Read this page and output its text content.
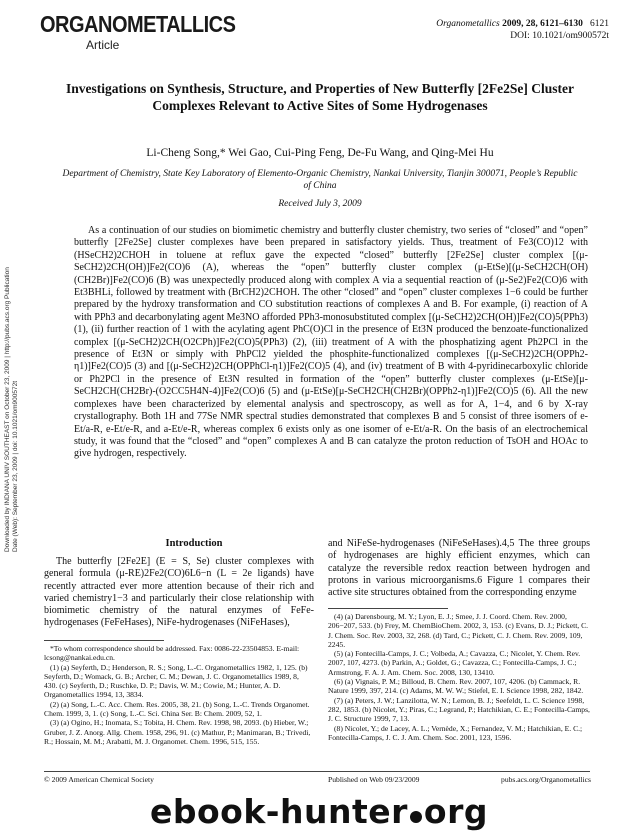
ORGANOMETALLICS
Article
Organometallics 2009, 28, 6121–6130 6121
DOI: 10.1021/om900572t
Investigations on Synthesis, Structure, and Properties of New Butterfly [2Fe2Se] Cluster Complexes Relevant to Active Sites of Some Hydrogenases
Li-Cheng Song,* Wei Gao, Cui-Ping Feng, De-Fu Wang, and Qing-Mei Hu
Department of Chemistry, State Key Laboratory of Elemento-Organic Chemistry, Nankai University, Tianjin 300071, People’s Republic of China
Received July 3, 2009

As a continuation of our studies on biomimetic chemistry and butterfly cluster chemistry, two series of “closed” and “open” butterfly [2Fe2Se] cluster complexes have been prepared in satisfactory yields. Thus, treatment of Fe3(CO)12 with (HSeCH2)2CHOH in toluene at reflux gave the expected “closed” butterfly [2Fe2Se] cluster complex [(μ-SeCH2)2CH(OH)]Fe2(CO)6 (A), whereas the “open” butterfly cluster complex (μ-EtSe)[(μ-SeCH2CH(OH)(CH2Br)]Fe2(CO)6 (B) was unexpectedly produced along with complex A via a sequential reaction of (μ-Se2)Fe2(CO)6 with Et3BHLi, followed by treatment with (BrCH2)2CHOH. The other “closed” and “open” cluster complexes 1−6 could be further prepared by the hydroxy transformation and CO substitution reactions of complexes A and B. For example, (i) reaction of A with PPh3 and decarbonylating agent Me3NO afforded PPh3-monosubstituted complex [(μ-SeCH2)2CH(OH)]Fe2(CO)5(PPh3) (1), (ii) further reaction of 1 with the acylating agent PhC(O)Cl in the presence of Et3N produced the benzoate-functionalized complex [(μ-SeCH2)2CH(O2CPh)]Fe2(CO)5(PPh3) (2), (iii) treatment of A with the phosphatizing agent Ph2PCl in the presence of Et3N or simply with PhPCl2 yielded the phosphite-functionalized complexes [(μ-SeCH2)2CH(OPPh2-η1)]Fe2(CO)5 (3) and [(μ-SeCH2)2CH(OPPhCl-η1)]Fe2(CO)5 (4), and (iv) treatment of B with 4-pyridinecarboxylic chloride or Ph2PCl in the presence of Et3N resulted in formation of the “open” butterfly cluster complexes (μ-EtSe)[μ-SeCH2CH(CH2Br)-(O2CC5H4N-4)]Fe2(CO)6 (5) and (μ-EtSe)[μ-SeCH2CH(CH2Br)(OPPh2-η1)]Fe2(CO)5 (6). All the new complexes have been characterized by elemental analysis and spectroscopy, as well as for A, 1−4, and 6 by X-ray crystallography. Both 1H and 77Se NMR spectral studies demonstrated that complexes B and 5 consist of three isomers of e-Et/a-R, e-Et/e-R, and a-Et/e-R, whereas complex 6 exists only as one isomer of e-Et/a-R. On the basis of an electrochemical study, it was found that the “closed” and “open” complexes A and B can catalyze the proton reduction of TsOH and HOAc to give hydrogen, respectively.

Downloaded by INDIANA UNIV SOUTHEAST on October 23, 2009 | http://pubs.acs.org Publication Date (Web): September 23, 2009 | doi: 10.1021/om900572t	Introduction

The butterfly [2Fe2E] (E = S, Se) cluster complexes with general formula (μ-RE)2Fe2(CO)6L6−n (L = 2e ligands) have recently attracted ever more attention because of their rich and varied chemistry1−3 and particularly their close relationship with biomimetic chemistry of the natural enzymes of FeFe-hydrogenases (FeFeHases), NiFe-hydrogenases (NiFeHases),

and NiFeSe-hydrogenases (NiFeSeHases).4,5 The three groups of hydrogenases are highly efficient enzymes, which can catalyze the reversible redox reaction between hydrogen and protons in various microorganisms.6 Figure 1 compares their active site structures obtained from the corresponding enzyme

*To whom correspondence should be addressed. Fax: 0086-22-23504853. E-mail: lcsong@nankai.edu.cn.

(1) (a) Seyferth, D.; Henderson, R. S.; Song, L.-C. Organometallics 1982, 1, 125. (b) Seyferth, D.; Womack, G. B.; Archer, C. M.; Dewan, J. C. Organometallics 1989, 8, 430. (c) Seyferth, D.; Ruschke, D. P.; Davis, W. M.; Cowie, M.; Hunter, A. D. Organometallics 1994, 13, 3834.

(2) (a) Song, L.-C. Acc. Chem. Res. 2005, 38, 21. (b) Song, L.-C. Trends Organomet. Chem. 1999, 3, 1. (c) Song, L.-C. Sci. China Ser. B: Chem. 2009, 52, 1.

(3) (a) Ogino, H.; Inomata, S.; Tobita, H. Chem. Rev. 1998, 98, 2093. (b) Hieber, W.; Gruber, J. Z. Anorg. Allg. Chem. 1958, 296, 91. (c) Mathur, P.; Manimaran, B.; Trivedi, R.; Hossain, M. M.; Arabatti, M. J. Organomet. Chem. 1996, 515, 155.

(4) (a) Darensbourg, M. Y.; Lyon, E. J.; Smee, J. J. Coord. Chem. Rev. 2000, 206−207, 533. (b) Frey, M. ChemBioChem. 2002, 3, 153. (c) Evans, D. J.; Pickett, C. J. Chem. Soc. Rev. 2003, 32, 268. (d) Tard, C.; Pickett, C. J. Chem. Rev. 2009, 109, 2245.

(5) (a) Fontecilla-Camps, J. C.; Volbeda, A.; Cavazza, C.; Nicolet, Y. Chem. Rev. 2007, 107, 4273. (b) Parkin, A.; Goldet, G.; Cavazza, C.; Fontecilla-Camps, J. C.; Armstrong, F. A. J. Am. Chem. Soc. 2008, 130, 13410.

(6) (a) Vignais, P. M.; Billoud, B. Chem. Rev. 2007, 107, 4206. (b) Cammack, R. Nature 1999, 397, 214. (c) Adams, M. W. W.; Stiefel, E. I. Science 1998, 282, 1842.

(7) (a) Peters, J. W.; Lanzilotta, W. N.; Lemon, B. J.; Seefeldt, L. C. Science 1998, 282, 1853. (b) Nicolet, Y.; Piras, C.; Legrand, P.; Hatchikian, C. E.; Fontecilla-Camps, J. C. Structure 1999, 7, 13.

(8) Nicolet, Y.; de Lacey, A. L.; Vernède, X.; Fernandez, V. M.; Hatchikian, E. C.; Fontecilla-Camps, J. C. J. Am. Chem. Soc. 2001, 123, 1596.

© 2009 American Chemical Society	Published on Web 09/23/2009	pubs.acs.org/Organometallics
ebook-hunter org
